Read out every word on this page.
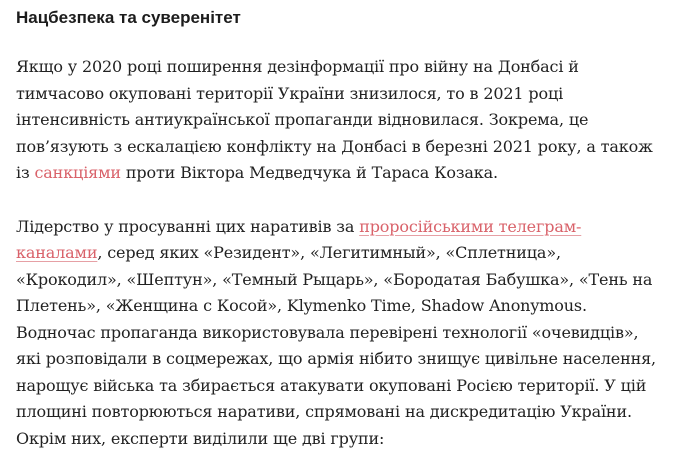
Нацбезпека та суверенітет

Якщо у 2020 році поширення дезінформації про війну на Донбасі й тимчасово окуповані території України знизилося, то в 2021 році інтенсивність антиукраїнської пропаганди відновилася. Зокрема, це пов’язують з ескалацією конфлікту на Донбасі в березні 2021 року, а також із санкціями проти Віктора Медведчука й Тараса Козака.

Лідерство у просуванні цих наративів за проросійськими телеграм-каналами, серед яких «Резидент», «Легитимный», «Сплетница», «Крокодил», «Шептун», «Темный Рыцарь», «Бородатая Бабушка», «Тень на Плетень», «Женщина с Косой», Klymenko Time, Shadow Anonymous. Водночас пропаганда використовувала перевірені технології «очевидців», які розповідали в соцмережах, що армія нібито знищує цивільне населення, нарощує війська та збирається атакувати окуповані Росією території. У цій площині повторюються наративи, спрямовані на дискредитацію України. Окрім них, експерти виділили ще дві групи:
